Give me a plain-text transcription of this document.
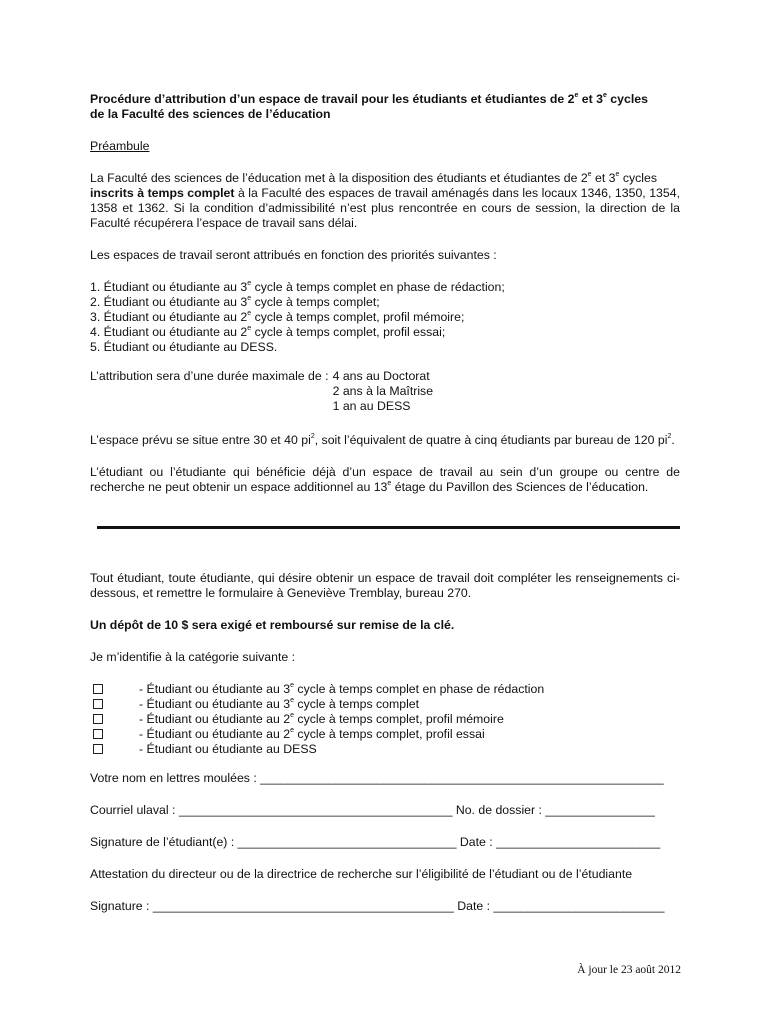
Procédure d’attribution d’un espace de travail pour les étudiants et étudiantes de 2e et 3e cycles
de la Faculté des sciences de l’éducation

Préambule

La Faculté des sciences de l’éducation met à la disposition des étudiants et étudiantes de 2e et 3e cycles
inscrits à temps complet à la Faculté des espaces de travail aménagés dans les locaux 1346, 1350, 1354, 1358 et 1362. Si la condition d’admissibilité n’est plus rencontrée en cours de session, la direction de la Faculté récupérera l’espace de travail sans délai.

Les espaces de travail seront attribués en fonction des priorités suivantes :

1. Étudiant ou étudiante au 3e cycle à temps complet en phase de rédaction;

2. Étudiant ou étudiante au 3e cycle à temps complet;

3. Étudiant ou étudiante au 2e cycle à temps complet, profil mémoire;

4. Étudiant ou étudiante au 2e cycle à temps complet, profil essai;

5. Étudiant ou étudiante au DESS.

L’attribution sera d’une durée maximale de : 4 ans au Doctorat

2 ans à la Maîtrise

1 an au DESS

L’espace prévu se situe entre 30 et 40 $pi^2$, soit l’équivalent de quatre à cinq étudiants par bureau de 120 $pi^2$.

L’étudiant ou l’étudiante qui bénéficie déjà d’un espace de travail au sein d’un groupe ou centre de recherche ne peut obtenir un espace additionnel au 13e étage du Pavillon des Sciences de l’éducation.

Tout étudiant, toute étudiante, qui désire obtenir un espace de travail doit compléter les renseignements ci-dessous, et remettre le formulaire à Geneviève Tremblay, bureau 270.

Un dépôt de 10 $ sera exigé et remboursé sur remise de la clé.

Je m’identifie à la catégorie suivante :

- Étudiant ou étudiante au 3e cycle à temps complet en phase de rédaction
- Étudiant ou étudiante au 3e cycle à temps complet
- Étudiant ou étudiante au 2e cycle à temps complet, profil mémoire
- Étudiant ou étudiante au 2e cycle à temps complet, profil essai
- Étudiant ou étudiante au DESS

Votre nom en lettres moulées : ___________________________________________________________

Courriel ulaval : ________________________________________ No. de dossier : ________________

Signature de l’étudiant(e) : ________________________________ Date : ________________________

Attestation du directeur ou de la directrice de recherche sur l’éligibilité de l’étudiant ou de l’étudiante

Signature : ____________________________________________ Date : _________________________

À jour le 23 août 2012
